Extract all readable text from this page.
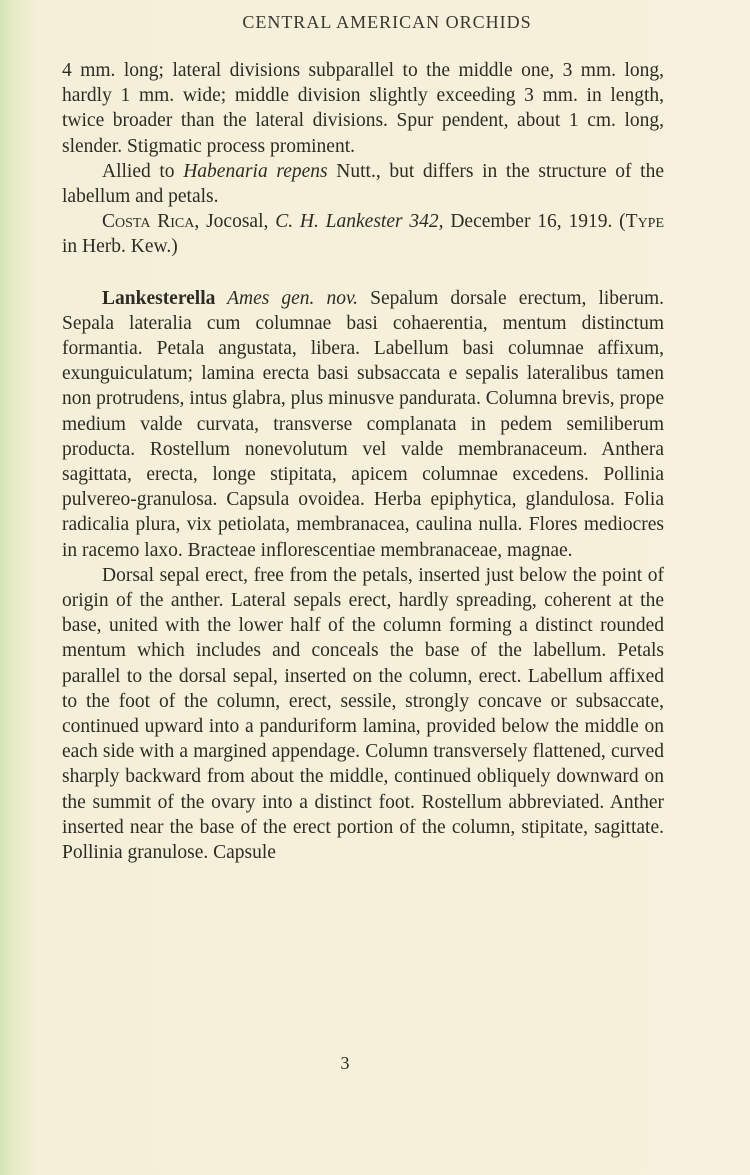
CENTRAL AMERICAN ORCHIDS

4 mm. long; lateral divisions subparallel to the middle one, 3 mm. long, hardly 1 mm. wide; middle division slightly exceeding 3 mm. in length, twice broader than the lateral divisions. Spur pendent, about 1 cm. long, slender. Stigmatic process prominent.

Allied to Habenaria repens Nutt., but differs in the structure of the labellum and petals.

Costa Rica, Jocosal, C. H. Lankester 342, December 16, 1919. (Type in Herb. Kew.)

Lankesterella Ames gen. nov. Sepalum dorsale erectum, liberum. Sepala lateralia cum columnae basi cohaerentia, mentum distinctum formantia. Petala angustata, libera. Labellum basi columnae affixum, exunguiculatum; lamina erecta basi subsaccata e sepalis lateralibus tamen non protrudens, intus glabra, plus minusve pandurata. Columna brevis, prope medium valde curvata, transverse complanata in pedem semiliberum producta. Rostellum nonevolutum vel valde membranaceum. Anthera sagittata, erecta, longe stipitata, apicem columnae excedens. Pollinia pulvereo-granulosa. Capsula ovoidea. Herba epiphytica, glandulosa. Folia radicalia plura, vix petiolata, membranacea, caulina nulla. Flores mediocres in racemo laxo. Bracteae inflorescentiae membranaceae, magnae.

Dorsal sepal erect, free from the petals, inserted just below the point of origin of the anther. Lateral sepals erect, hardly spreading, coherent at the base, united with the lower half of the column forming a distinct rounded mentum which includes and conceals the base of the labellum. Petals parallel to the dorsal sepal, inserted on the column, erect. Labellum affixed to the foot of the column, erect, sessile, strongly concave or subsaccate, continued upward into a panduriform lamina, provided below the middle on each side with a margined appendage. Column transversely flattened, curved sharply backward from about the middle, continued obliquely downward on the summit of the ovary into a distinct foot. Rostellum abbreviated. Anther inserted near the base of the erect portion of the column, stipitate, sagittate. Pollinia granulose. Capsule

3
